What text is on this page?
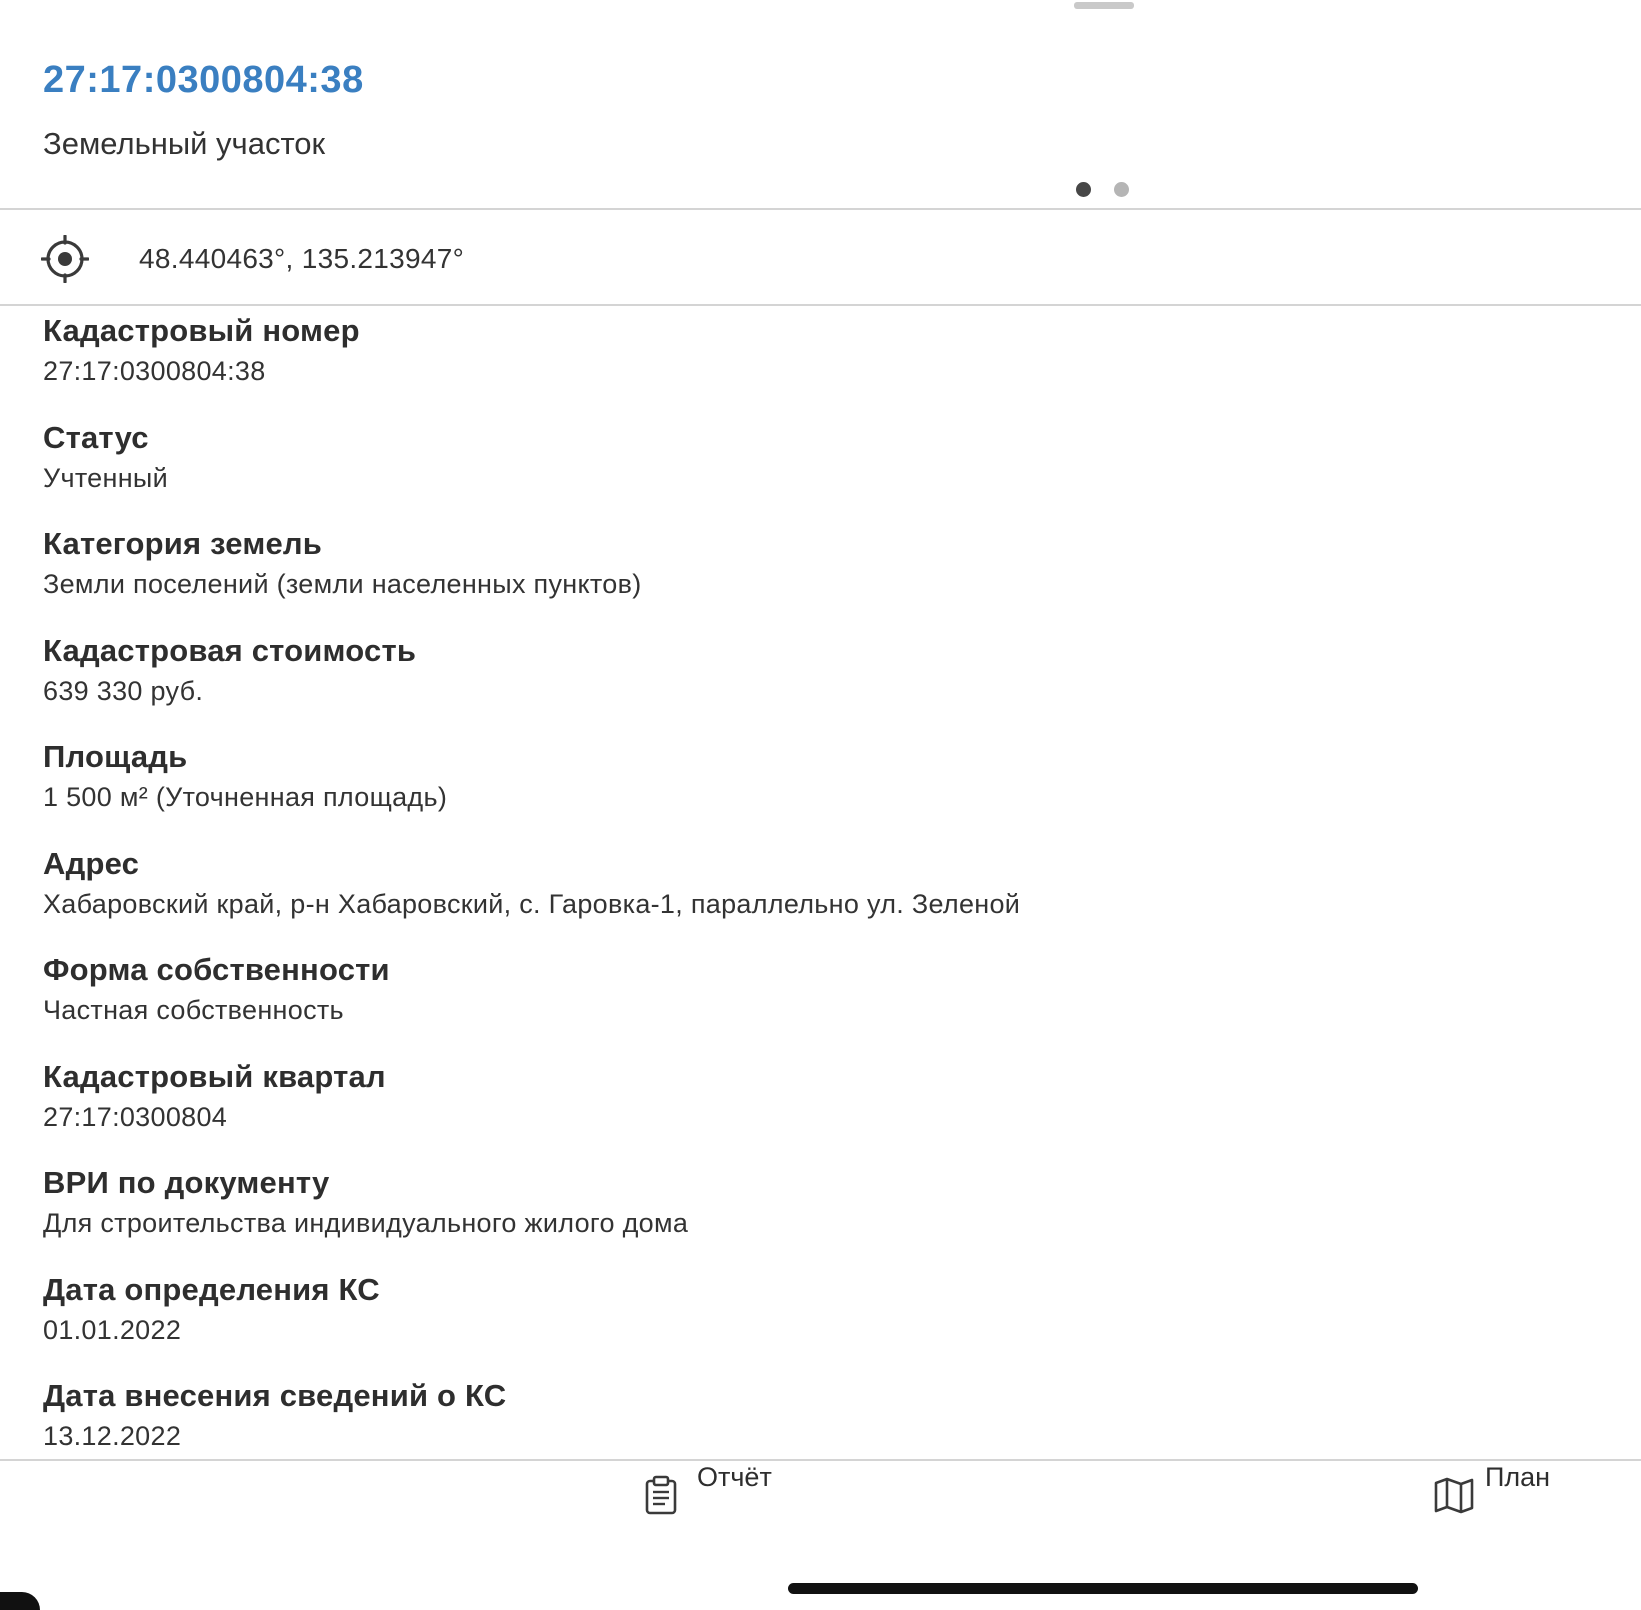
27:17:0300804:38
Земельный участок
48.440463°, 135.213947°
Кадастровый номер
27:17:0300804:38
Статус
Учтенный
Категория земель
Земли поселений (земли населенных пунктов)
Кадастровая стоимость
639 330 руб.
Площадь
1 500 м² (Уточненная площадь)
Адрес
Хабаровский край, р-н Хабаровский, с. Гаровка-1, параллельно ул. Зеленой
Форма собственности
Частная собственность
Кадастровый квартал
27:17:0300804
ВРИ по документу
Для строительства индивидуального жилого дома
Дата определения КС
01.01.2022
Дата внесения сведений о КС
13.12.2022
Отчёт	План
